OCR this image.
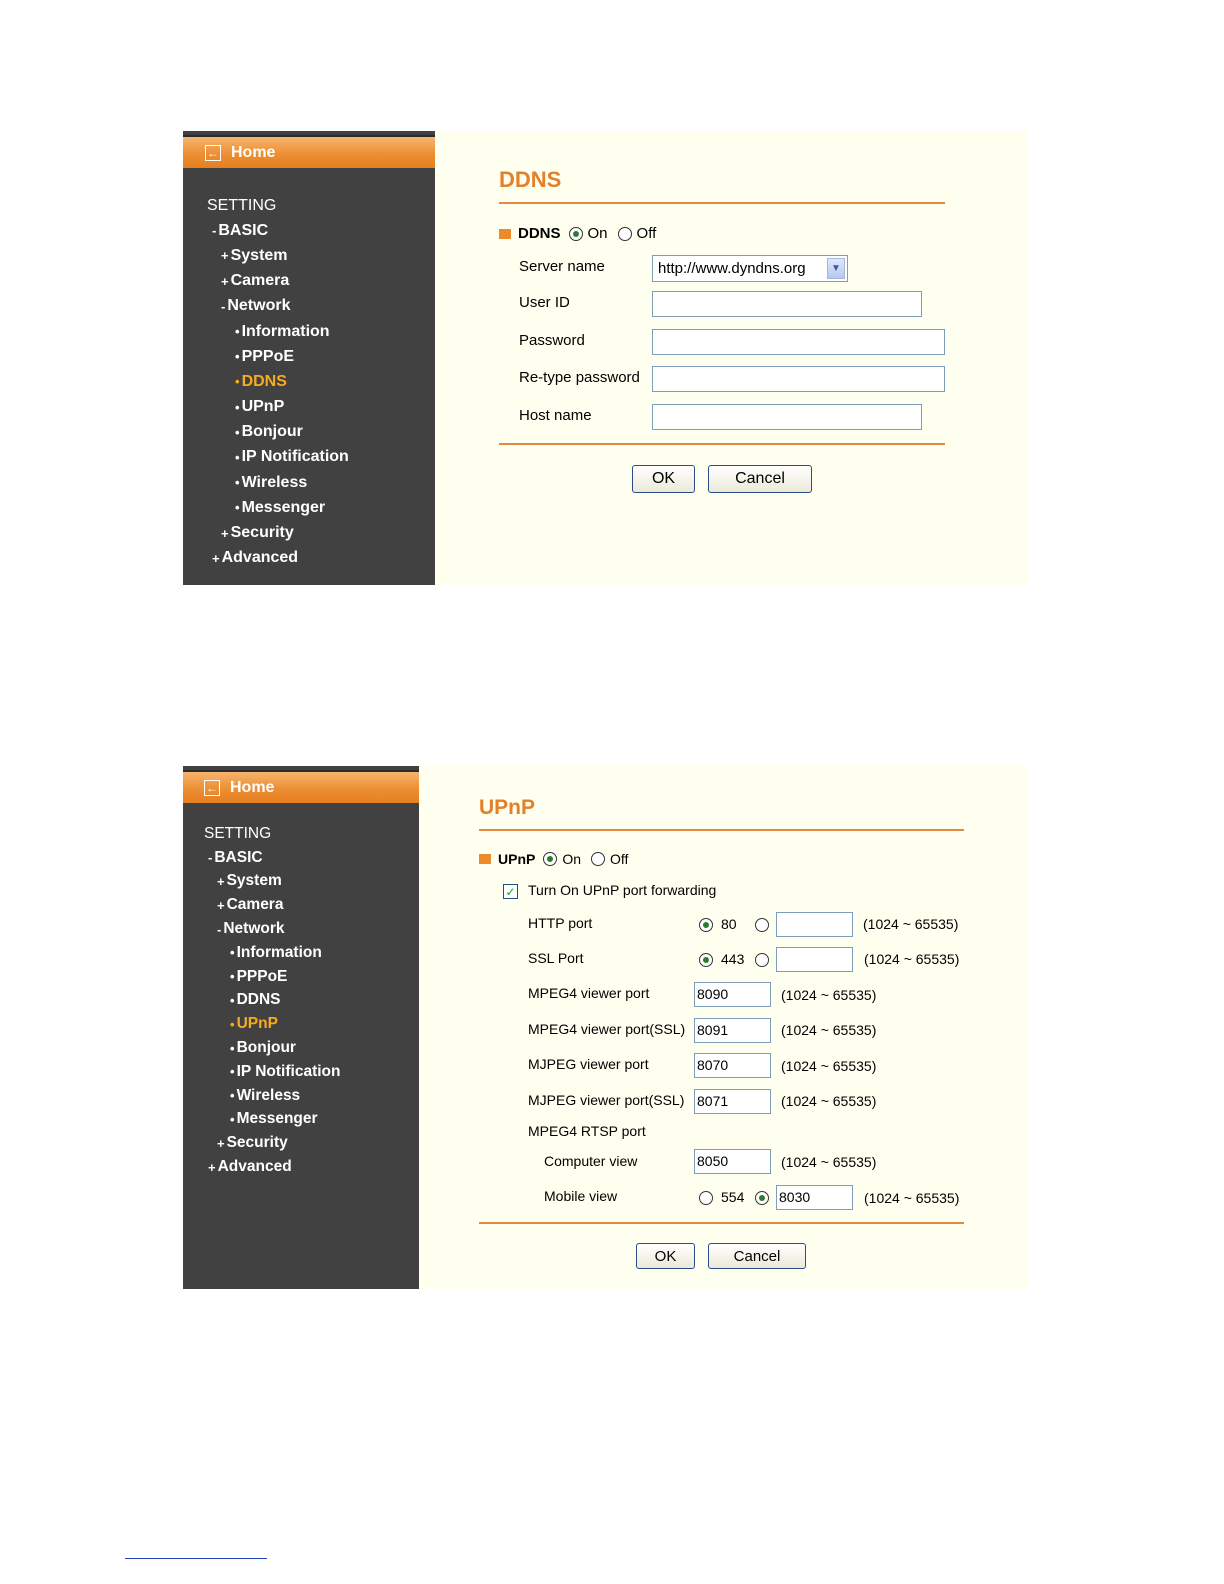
← Home
SETTING
- BASIC
+ System
+ Camera
- Network
• Information
• PPPoE
• DDNS
• UPnP
• Bonjour
• IP Notification
• Wireless
• Messenger
+ Security
+ Advanced
DDNS
DDNS On Off
Server name	http://www.dyndns.org	▼
User ID
Password
Re-type password
Host name
OK	Cancel
← Home
SETTING
- BASIC
+ System
+ Camera
- Network
• Information
• PPPoE
• DDNS
• UPnP
• Bonjour
• IP Notification
• Wireless
• Messenger
+ Security
+ Advanced
UPnP
UPnP On Off
✓ Turn On UPnP port forwarding
HTTP port	80	(1024 ~ 65535)
SSL Port	443	(1024 ~ 65535)
MPEG4 viewer port	8090	(1024 ~ 65535)
MPEG4 viewer port(SSL) 8091	(1024 ~ 65535)
MJPEG viewer port	8070	(1024 ~ 65535)
MJPEG viewer port(SSL) 8071	(1024 ~ 65535)
MPEG4 RTSP port
Computer view	8050	(1024 ~ 65535)
Mobile view	554 8030	(1024 ~ 65535)
OK	Cancel
